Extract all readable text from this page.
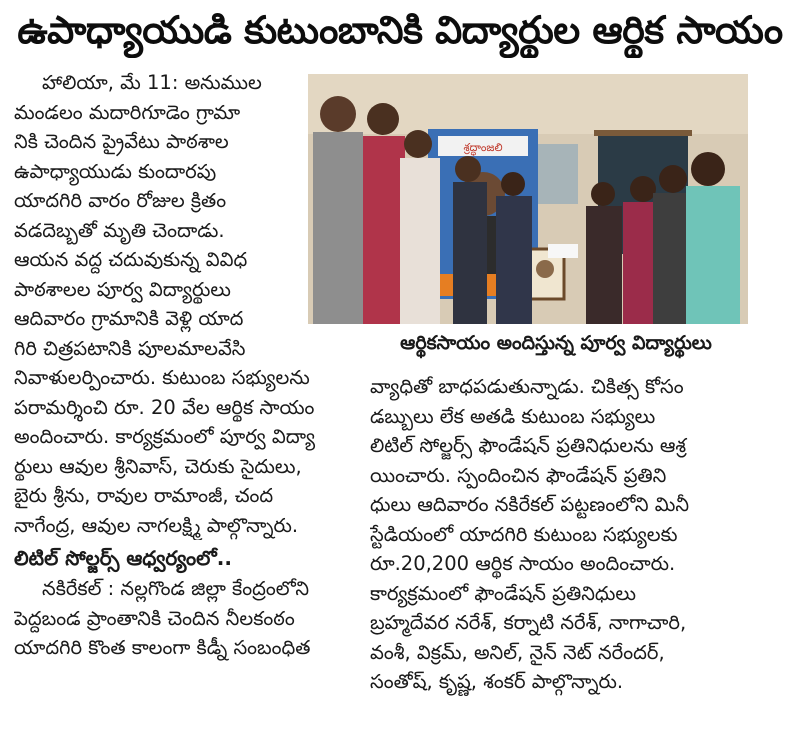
ఉపాధ్యాయుడి కుటుంబానికి విద్యార్థుల ఆర్థిక సాయం
శ్రద్ధాంజలి
ఆర్థికసాయం అందిస్తున్న పూర్వ విద్యార్థులు
హాలియా, మే 11: అనుముల
మండలం మదారిగూడెం గ్రామా
నికి చెందిన ప్రైవేటు పాఠశాల
ఉపాధ్యాయుడు కుందారపు
యాదగిరి వారం రోజుల క్రితం
వడదెబ్బతో మృతి చెందాడు.
ఆయన వద్ద చదువుకున్న వివిధ
పాఠశాలల పూర్వ విద్యార్థులు
ఆదివారం గ్రామానికి వెళ్లి యాద
గిరి చిత్రపటానికి పూలమాలవేసి
నివాళులర్పించారు. కుటుంబ సభ్యులను
పరామర్శించి రూ. 20 వేల ఆర్థిక సాయం
అందించారు. కార్యక్రమంలో పూర్వ విద్యా
ర్థులు ఆవుల శ్రీనివాస్, చెరుకు సైదులు,
బైరు శ్రీను, రావుల రామాంజీ, చంద
నాగేంద్ర, ఆవుల నాగలక్ష్మి పాల్గొన్నారు.
లిటిల్ సోల్జర్స్ ఆధ్వర్యంలో..
నకిరేకల్ : నల్లగొండ జిల్లా కేంద్రంలోని
పెద్దబండ ప్రాంతానికి చెందిన నీలకంఠం
యాదగిరి కొంత కాలంగా కిడ్నీ సంబంధిత
వ్యాధితో బాధపడుతున్నాడు. చికిత్స కోసం
డబ్బులు లేక అతడి కుటుంబ సభ్యులు
లిటిల్ సోల్జర్స్ ఫౌండేషన్ ప్రతినిధులను ఆశ్ర
యించారు. స్పందించిన ఫౌండేషన్ ప్రతిని
ధులు ఆదివారం నకిరేకల్ పట్టణంలోని మినీ
స్టేడియంలో యాదగిరి కుటుంబ సభ్యులకు
రూ.20,200 ఆర్థిక సాయం అందించారు.
కార్యక్రమంలో ఫౌండేషన్ ప్రతినిధులు
బ్రహ్మదేవర నరేశ్, కర్నాటి నరేశ్, నాగాచారి,
వంశీ, విక్రమ్, అనిల్, నైన్ నెట్ నరేందర్,
సంతోష్, కృష్ణ, శంకర్ పాల్గొన్నారు.
